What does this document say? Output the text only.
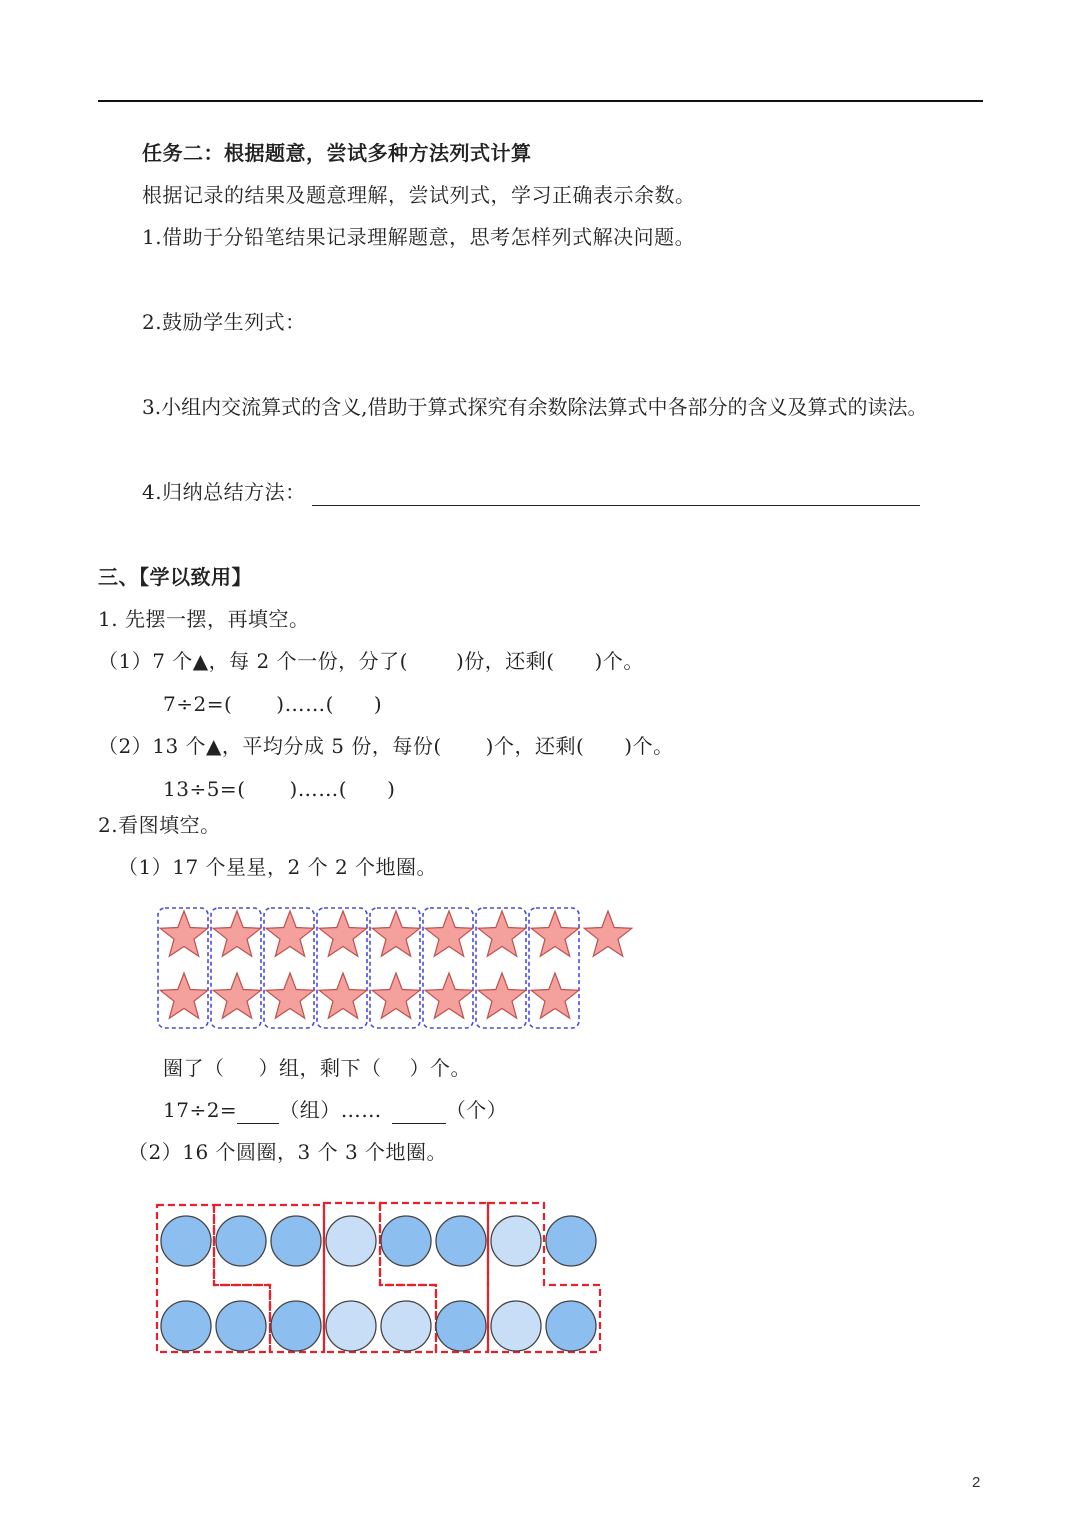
任务二：根据题意，尝试多种方法列式计算
根据记录的结果及题意理解，尝试列式，学习正确表示余数。
1.借助于分铅笔结果记录理解题意，思考怎样列式解决问题。
2.鼓励学生列式：
3.小组内交流算式的含义,借助于算式探究有余数除法算式中各部分的含义及算式的读法。
4.归纳总结方法：
三、【学以致用】
1. 先摆一摆，再填空。
（1）7 个▲，每 2 个一份，分了( )份，还剩( )个。
7÷2=( )……( )
（2）13 个▲，平均分成 5 份，每份( )个，还剩( )个。
13÷5=( )……( )
2.看图填空。
（1）17 个星星，2 个 2 个地圈。
圈了（ ）组，剩下（ ）个。
17÷2= （组）……	（个）
（2）16 个圆圈，3 个 3 个地圈。
2
